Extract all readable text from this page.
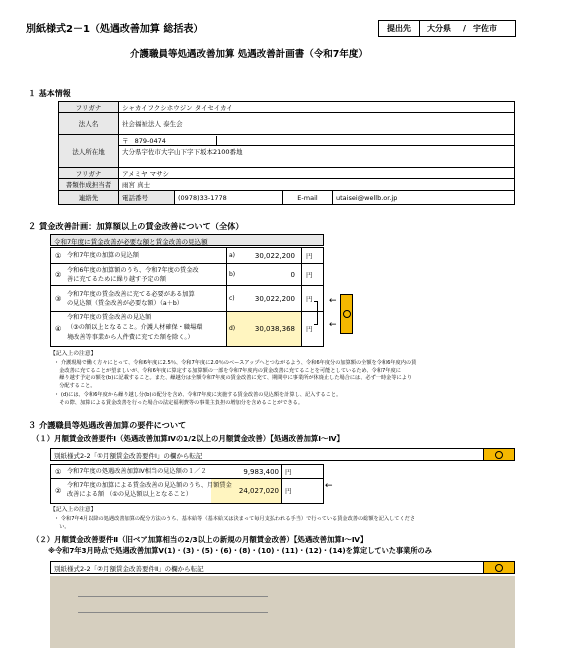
別紙様式2－1（処遇改善加算 総括表）	提出先 大分県 / 宇佐市
介護職員等処遇改善加算 処遇改善計画書（令和7年度）
１ 基本情報
フリガナ	シャカイフクシホウジン タイセイカイ			
法人名	社会福祉法人 泰生会			
法人所在地	〒 879-0474			
	大分県宇佐市大字山下字下坂本2100番地			

フリガナ	アメミヤ マサシ			
書類作成担当者	雨宮 真士			
連絡先	電話番号	(0978)33-1778	E-mail	utaisei@wellb.or.jp
２ 賃金改善計画：加算額以上の賃金改善について（全体）
令和7年度に賃金改善が必要な額と賃金改善の見込額
① 令和7年度の加算の見込額	a)	30,022,200 円
②
令和6年度の加算額のうち、令和7年度の賃金改
善に充てるために繰り越す予定の額
b)	0 円
③
令和7年度の賃金改善に充てる必要がある加算
の見込額（賃金改善が必要な額）（a＋b）
c)	30,022,200 円
④
令和7年度の賃金改善の見込額
（③の額以上となること。介護人材確保・職場環
境改善等事業から人件費に充てた額を除く。）
d)	30,038,368 円
←
←
【記入上の注意】
・ 介護現場で働く方々にとって、令和6年度に2.5％、令和7年度に2.0％のベースアップへとつながるよう、令和6年度分の加算額の全額を令和6年度内の賃
　金改善に充てることが望ましいが、令和6年度に算定する加算額の一部を令和7年度内の賃金改善に充てることを可能としているため、令和7年度に
　繰り越す予定の額を(b)に記載すること。また、繰越分は全額令和7年度の賃金改善に充て、期間中に事業所が休廃止した場合には、必ず一時金等により
　分配すること。
・ (d)には、令和6年度から繰り越し分(b)の配分を含め、令和7年度に実施する賃金改善の見込額を計算し、記入すること。
　その際、加算による賃金改善を行った場合の法定福利費等の事業主負担の増加分を含めることができる。
３ 介護職員等処遇改善加算の要件について
（１）月額賃金改善要件Ⅰ（処遇改善加算Ⅳの1/2以上の月額賃金改善）【処遇改善加算Ⅰ～Ⅳ】
別紙様式2-2「①月額賃金改善要件Ⅰ」の欄から転記
① 令和7年度の処遇改善加算Ⅳ相当の見込額の１／２	9,983,400 円
②
令和7年度の加算による賃金改善の見込額のうち、月額賃金
改善による額 （①の見込額以上となること）	24,027,020 円	←
【記入上の注意】
・ 令和7年4月以降の処遇改善加算の配分方法のうち、基本給等（基本給又は決まって毎月支払われる手当）で行っている賃金改善の総額を記入してくださ
　い。
（２）月額賃金改善要件Ⅱ（旧ベア加算相当の2/3以上の新規の月額賃金改善）【処遇改善加算Ⅰ～Ⅳ】
※令和7年3月時点で処遇改善加算Ⅴ(1)・(3)・(5)・(6)・(8)・(10)・(11)・(12)・(14)を算定していた事業所のみ
別紙様式2-2「②月額賃金改善要件Ⅱ」の欄から転記
